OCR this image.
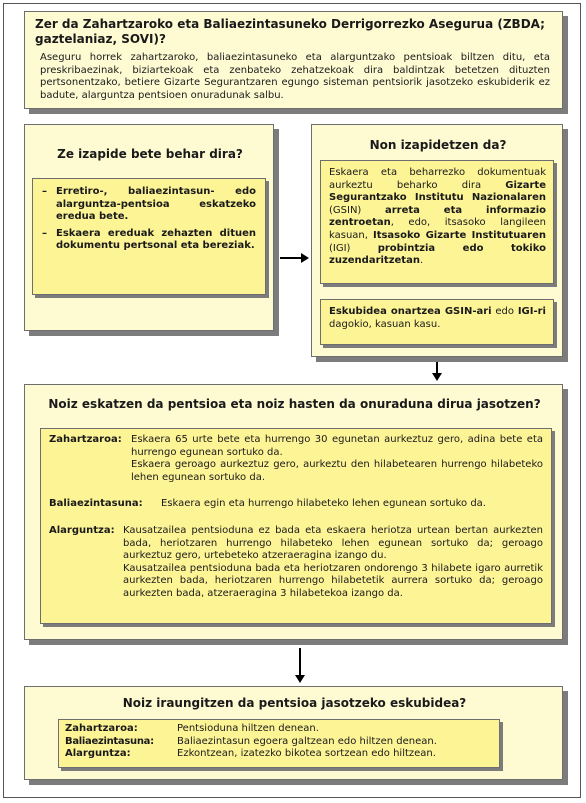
Zer da Zahartzaroko eta Baliaezintasuneko Derrigorrezko Asegurua (ZBDA; gaztelaniaz, SOVI)?
Aseguru horrek zahartzaroko, baliaezintasuneko eta alarguntzako pentsioak biltzen ditu, eta preskribaezinak, biziartekoak eta zenbateko zehatzekoak dira baldintzak betetzen dituzten pertsonentzako, betiere Gizarte Segurantzaren egungo sisteman pentsiorik jasotzeko eskubiderik ez badute, alarguntza pentsioen onuradunak salbu.
Ze izapide bete behar dira?
– Erretiro-, baliaezintasun- edo alarguntza-pentsioa eskatzeko eredua bete.
– Eskaera ereduak zehazten dituen dokumentu pertsonal eta bereziak.
Non izapidetzen da?
Eskaera eta beharrezko dokumentuak aurkeztu beharko dira Gizarte Segurantzako Institutu Nazionalaren (GSIN) arreta eta informazio zentroetan, edo, itsasoko langileen kasuan, Itsasoko Gizarte Institutuaren (IGI) probintzia edo tokiko zuzendaritzetan.
Eskubidea onartzea GSIN-ari edo IGI-ri dagokio, kasuan kasu.
Noiz eskatzen da pentsioa eta noiz hasten da onuraduna dirua jasotzen?
Zahartzaroa: Eskaera 65 urte bete eta hurrengo 30 egunetan aurkeztuz gero, adina bete eta hurrengo egunean sortuko da.
Eskaera geroago aurkeztuz gero, aurkeztu den hilabetearen hurrengo hilabeteko lehen egunean sortuko da.
Baliaezintasuna:	Eskaera egin eta hurrengo hilabeteko lehen egunean sortuko da.
Alarguntza: Kausatzailea pentsioduna ez bada eta eskaera heriotza urtean bertan aurkezten bada, heriotzaren hurrengo hilabeteko lehen egunean sortuko da; geroago aurkeztuz gero, urtebeteko atzeraeragina izango du.
Kausatzailea pentsioduna bada eta heriotzaren ondorengo 3 hilabete igaro aurretik aurkezten bada, heriotzaren hurrengo hilabetetik aurrera sortuko da; geroago aurkezten bada, atzeraeragina 3 hilabetekoa izango da.
Noiz iraungitzen da pentsioa jasotzeko eskubidea?
Zahartzaroa:	Pentsioduna hiltzen denean.
Baliaezintasuna:	Baliaezintasun egoera galtzean edo hiltzen denean.
Alarguntza:	Ezkontzean, izatezko bikotea sortzean edo hiltzean.
